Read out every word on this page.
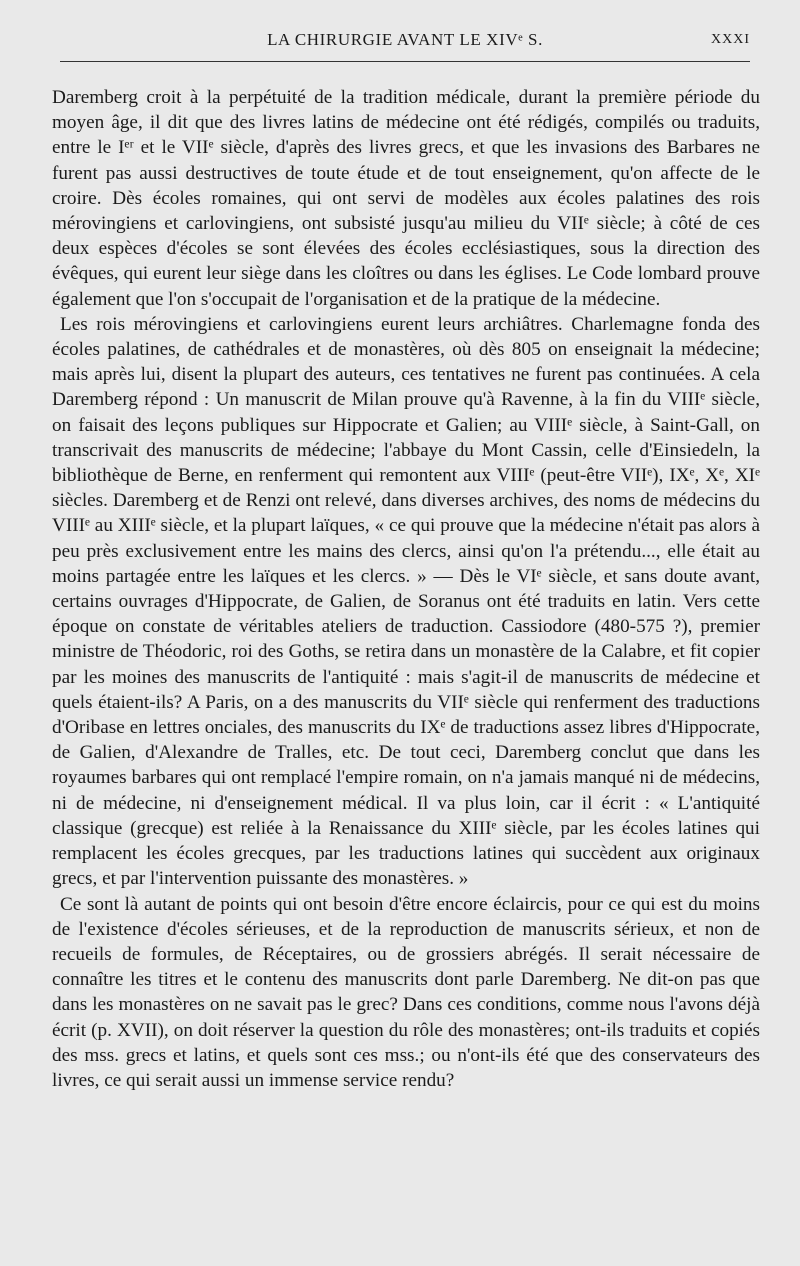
LA CHIRURGIE AVANT LE XIVᵉ S.	XXXI

Daremberg croit à la perpétuité de la tradition médicale, durant la première période du moyen âge, il dit que des livres latins de médecine ont été rédigés, compilés ou traduits, entre le Iᵉʳ et le VIIᵉ siècle, d'après des livres grecs, et que les invasions des Barbares ne furent pas aussi destructives de toute étude et de tout enseignement, qu'on affecte de le croire. Dès écoles romaines, qui ont servi de modèles aux écoles palatines des rois mérovingiens et carlovingiens, ont subsisté jusqu'au milieu du VIIᵉ siècle; à côté de ces deux espèces d'écoles se sont élevées des écoles ecclésiastiques, sous la direction des évêques, qui eurent leur siège dans les cloîtres ou dans les églises. Le Code lombard prouve également que l'on s'occupait de l'organisation et de la pratique de la médecine.

Les rois mérovingiens et carlovingiens eurent leurs archiâtres. Charlemagne fonda des écoles palatines, de cathédrales et de monastères, où dès 805 on enseignait la médecine; mais après lui, disent la plupart des auteurs, ces tentatives ne furent pas continuées. A cela Daremberg répond : Un manuscrit de Milan prouve qu'à Ravenne, à la fin du VIIIᵉ siècle, on faisait des leçons publiques sur Hippocrate et Galien; au VIIIᵉ siècle, à Saint-Gall, on transcrivait des manuscrits de médecine; l'abbaye du Mont Cassin, celle d'Einsiedeln, la bibliothèque de Berne, en renferment qui remontent aux VIIIᵉ (peut-être VIIᵉ), IXᵉ, Xᵉ, XIᵉ siècles. Daremberg et de Renzi ont relevé, dans diverses archives, des noms de médecins du VIIIᵉ au XIIIᵉ siècle, et la plupart laïques, « ce qui prouve que la médecine n'était pas alors à peu près exclusivement entre les mains des clercs, ainsi qu'on l'a prétendu..., elle était au moins partagée entre les laïques et les clercs. » — Dès le VIᵉ siècle, et sans doute avant, certains ouvrages d'Hippocrate, de Galien, de Soranus ont été traduits en latin. Vers cette époque on constate de véritables ateliers de traduction. Cassiodore (480-575 ?), premier ministre de Théodoric, roi des Goths, se retira dans un monastère de la Calabre, et fit copier par les moines des manuscrits de l'antiquité : mais s'agit-il de manuscrits de médecine et quels étaient-ils? A Paris, on a des manuscrits du VIIᵉ siècle qui renferment des traductions d'Oribase en lettres onciales, des manuscrits du IXᵉ de traductions assez libres d'Hippocrate, de Galien, d'Alexandre de Tralles, etc. De tout ceci, Daremberg conclut que dans les royaumes barbares qui ont remplacé l'empire romain, on n'a jamais manqué ni de médecins, ni de médecine, ni d'enseignement médical. Il va plus loin, car il écrit : « L'antiquité classique (grecque) est reliée à la Renaissance du XIIIᵉ siècle, par les écoles latines qui remplacent les écoles grecques, par les traductions latines qui succèdent aux originaux grecs, et par l'intervention puissante des monastères. »

Ce sont là autant de points qui ont besoin d'être encore éclaircis, pour ce qui est du moins de l'existence d'écoles sérieuses, et de la reproduction de manuscrits sérieux, et non de recueils de formules, de Réceptaires, ou de grossiers abrégés. Il serait nécessaire de connaître les titres et le contenu des manuscrits dont parle Daremberg. Ne dit-on pas que dans les monastères on ne savait pas le grec? Dans ces conditions, comme nous l'avons déjà écrit (p. XVII), on doit réserver la question du rôle des monastères; ont-ils traduits et copiés des mss. grecs et latins, et quels sont ces mss.; ou n'ont-ils été que des conservateurs des livres, ce qui serait aussi un immense service rendu?
